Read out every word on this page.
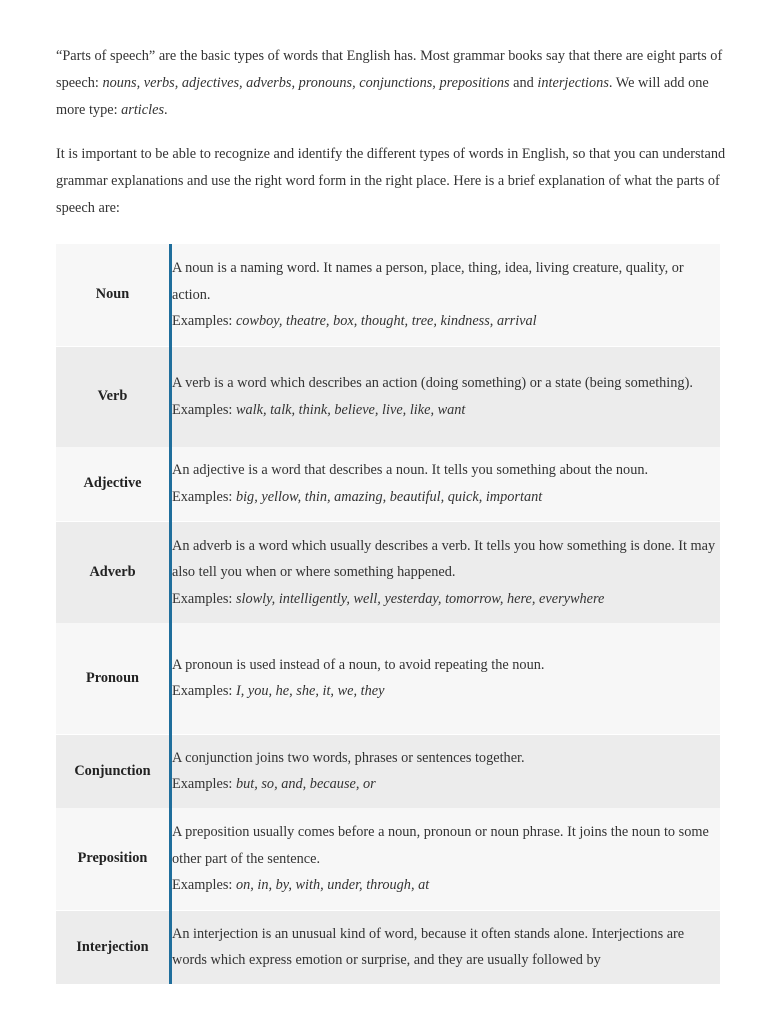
“Parts of speech” are the basic types of words that English has. Most grammar books say that there are eight parts of speech: nouns, verbs, adjectives, adverbs, pronouns, conjunctions, prepositions and interjections. We will add one more type: articles.

It is important to be able to recognize and identify the different types of words in English, so that you can understand grammar explanations and use the right word form in the right place. Here is a brief explanation of what the parts of speech are:

Noun	A noun is a naming word. It names a person, place, thing, idea, living creature, quality, or action.
Examples: cowboy, theatre, box, thought, tree, kindness, arrival
Verb	A verb is a word which describes an action (doing something) or a state (being something).
Examples: walk, talk, think, believe, live, like, want
Adjective	An adjective is a word that describes a noun. It tells you something about the noun.
Examples: big, yellow, thin, amazing, beautiful, quick, important
Adverb	An adverb is a word which usually describes a verb. It tells you how something is done. It may also tell you when or where something happened.
Examples: slowly, intelligently, well, yesterday, tomorrow, here, everywhere
Pronoun	A pronoun is used instead of a noun, to avoid repeating the noun.
Examples: I, you, he, she, it, we, they
Conjunction	A conjunction joins two words, phrases or sentences together.
Examples: but, so, and, because, or
Preposition	A preposition usually comes before a noun, pronoun or noun phrase. It joins the noun to some other part of the sentence.
Examples: on, in, by, with, under, through, at
Interjection	An interjection is an unusual kind of word, because it often stands alone. Interjections are words which express emotion or surprise, and they are usually followed by
